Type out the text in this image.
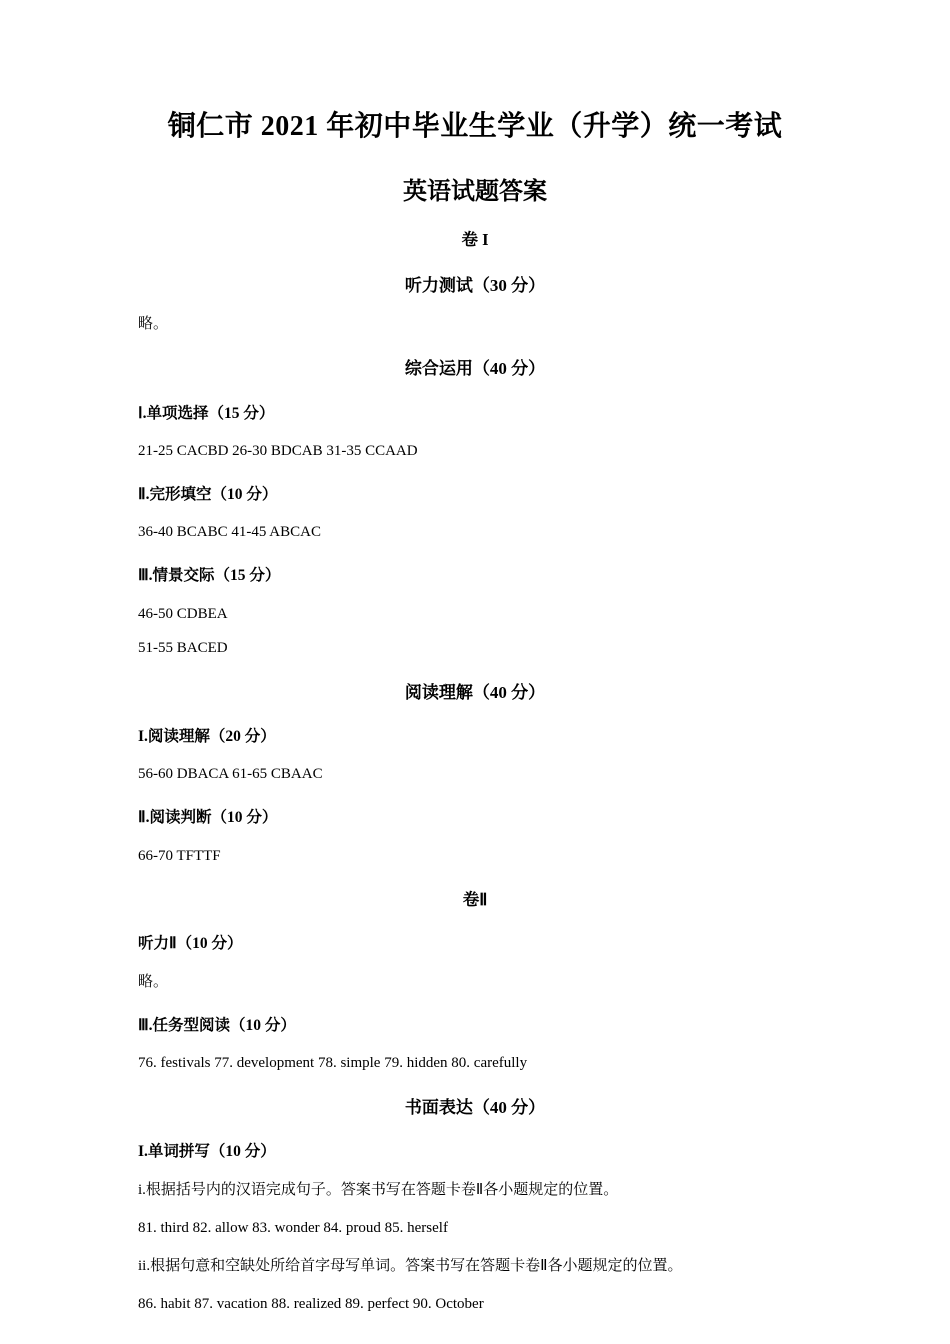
铜仁市 2021 年初中毕业生学业（升学）统一考试
英语试题答案

卷 I

听力测试（30 分）

略。

综合运用（40 分）

Ⅰ.单项选择（15 分）

21-25 CACBD 26-30 BDCAB 31-35 CCAAD

Ⅱ.完形填空（10 分）

36-40 BCABC 41-45 ABCAC

Ⅲ.情景交际（15 分）

46-50 CDBEA

51-55 BACED

阅读理解（40 分）

I.阅读理解（20 分）

56-60 DBACA 61-65 CBAAC

Ⅱ.阅读判断（10 分）

66-70 TFTTF

卷Ⅱ

听力Ⅱ（10 分）

略。

Ⅲ.任务型阅读（10 分）

76. festivals 77. development 78. simple 79. hidden 80. carefully

书面表达（40 分）

I.单词拼写（10 分）

i.根据括号内的汉语完成句子。答案书写在答题卡卷Ⅱ各小题规定的位置。

81. third 82. allow 83. wonder 84. proud 85. herself

ii.根据句意和空缺处所给首字母写单词。答案书写在答题卡卷Ⅱ各小题规定的位置。

86. habit 87. vacation 88. realized 89. perfect 90. October
